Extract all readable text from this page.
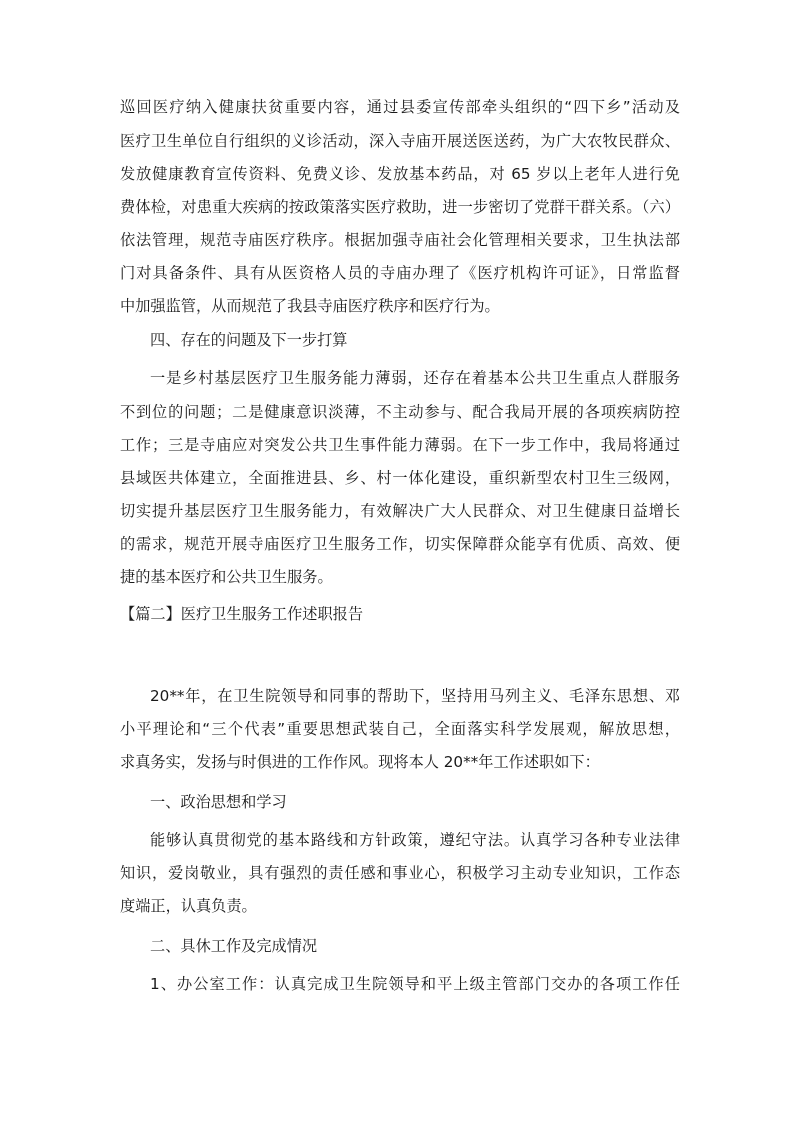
巡回医疗纳入健康扶贫重要内容，通过县委宣传部牵头组织的“四下乡”活动及

医疗卫生单位自行组织的义诊活动，深入寺庙开展送医送药，为广大农牧民群众、

发放健康教育宣传资料、免费义诊、发放基本药品，对 65 岁以上老年人进行免

费体检，对患重大疾病的按政策落实医疗救助，进一步密切了党群干群关系。（六）

依法管理，规范寺庙医疗秩序。根据加强寺庙社会化管理相关要求，卫生执法部

门对具备条件、具有从医资格人员的寺庙办理了《医疗机构许可证》，日常监督

中加强监管，从而规范了我县寺庙医疗秩序和医疗行为。

四、存在的问题及下一步打算

一是乡村基层医疗卫生服务能力薄弱，还存在着基本公共卫生重点人群服务

不到位的问题；二是健康意识淡薄，不主动参与、配合我局开展的各项疾病防控

工作；三是寺庙应对突发公共卫生事件能力薄弱。在下一步工作中，我局将通过

县域医共体建立，全面推进县、乡、村一体化建设，重织新型农村卫生三级网，

切实提升基层医疗卫生服务能力，有效解决广大人民群众、对卫生健康日益增长

的需求，规范开展寺庙医疗卫生服务工作，切实保障群众能享有优质、高效、便

捷的基本医疗和公共卫生服务。

【篇二】医疗卫生服务工作述职报告

20**年，在卫生院领导和同事的帮助下，坚持用马列主义、毛泽东思想、邓

小平理论和“三个代表”重要思想武装自己，全面落实科学发展观，解放思想，

求真务实，发扬与时俱进的工作作风。现将本人 20**年工作述职如下：

一、政治思想和学习

能够认真贯彻党的基本路线和方针政策，遵纪守法。认真学习各种专业法律

知识，爱岗敬业，具有强烈的责任感和事业心，积极学习主动专业知识，工作态

度端正，认真负责。

二、具休工作及完成情况

1、办公室工作：认真完成卫生院领导和平上级主管部门交办的各项工作任
